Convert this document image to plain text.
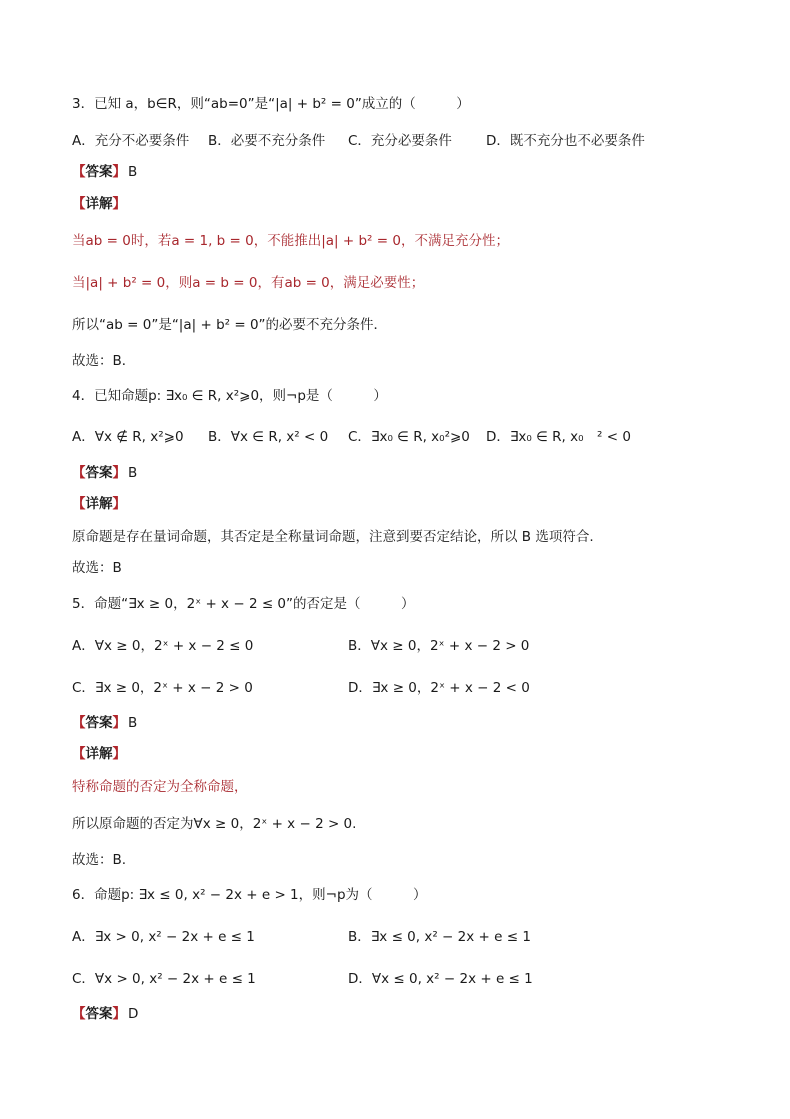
3．已知 a，b∈R，则“ab=0”是“|a| + b² = 0”成立的（　　　）
A．充分不必要条件 B．必要不充分条件 C．充分必要条件	D．既不充分也不必要条件
【答案】 B
【详解】
当ab = 0时，若a = 1, b = 0，不能推出|a| + b² = 0，不满足充分性；
当|a| + b² = 0，则a = b = 0，有ab = 0，满足必要性；
所以“ab = 0”是“|a| + b² = 0”的必要不充分条件．
故选：B．
4．已知命题p: ∃x₀ ∈ R, x²⩾0，则¬p是（　　　）
A．∀x ∉ R, x²⩾0 B．∀x ∈ R, x² < 0 C．∃x₀ ∈ R, x₀²⩾0 D．∃x₀ ∈ R, x₀　² < 0
【答案】 B
【详解】
原命题是存在量词命题，其否定是全称量词命题，注意到要否定结论，所以 B 选项符合.
故选：B
5．命题“∃x ≥ 0，2ˣ + x − 2 ≤ 0”的否定是（　　　）
A．∀x ≥ 0，2ˣ + x − 2 ≤ 0	B．∀x ≥ 0，2ˣ + x − 2 > 0
C．∃x ≥ 0，2ˣ + x − 2 > 0	D．∃x ≥ 0，2ˣ + x − 2 < 0
【答案】 B
【详解】
特称命题的否定为全称命题，
所以原命题的否定为∀x ≥ 0，2ˣ + x − 2 > 0.
故选：B.
6．命题p: ∃x ≤ 0, x² − 2x + e > 1，则¬p为（　　　）
A．∃x > 0, x² − 2x + e ≤ 1	B．∃x ≤ 0, x² − 2x + e ≤ 1
C．∀x > 0, x² − 2x + e ≤ 1	D．∀x ≤ 0, x² − 2x + e ≤ 1
【答案】 D
